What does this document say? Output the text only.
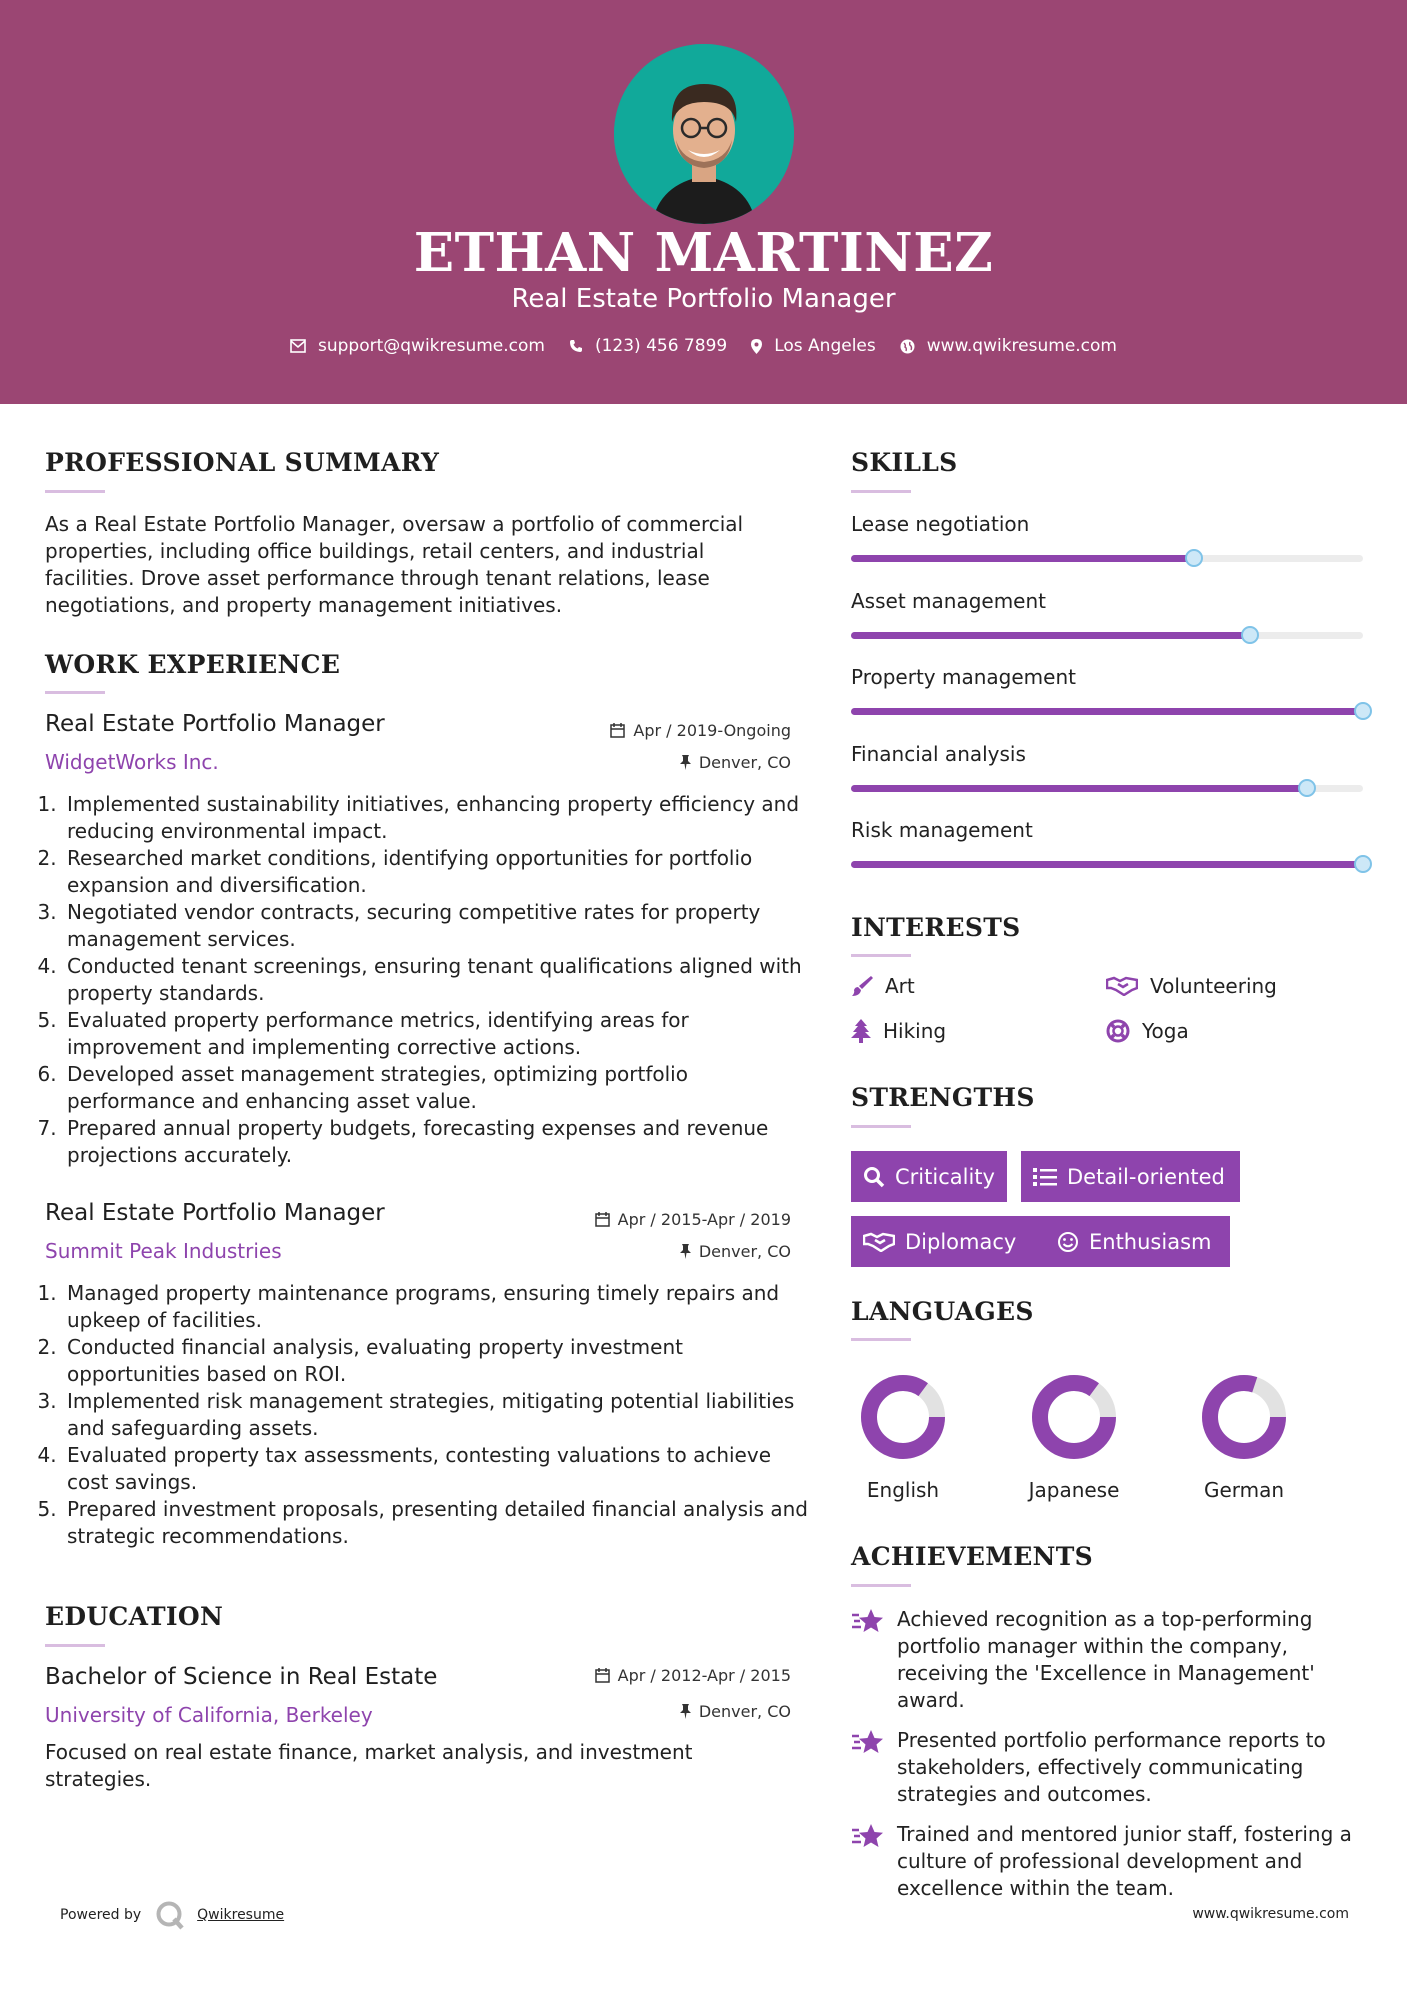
ETHAN MARTINEZ
Real Estate Portfolio Manager
support@qwikresume.com	(123) 456 7899	Los Angeles	www.qwikresume.com
PROFESSIONAL SUMMARY
As a Real Estate Portfolio Manager, oversaw a portfolio of commercial properties, including office buildings, retail centers, and industrial facilities. Drove asset performance through tenant relations, lease negotiations, and property management initiatives.
WORK EXPERIENCE
Real Estate Portfolio Manager	Apr / 2019-Ongoing
WidgetWorks Inc.	Denver, CO
1. Implemented sustainability initiatives, enhancing property efficiency and reducing environmental impact.
2. Researched market conditions, identifying opportunities for portfolio expansion and diversification.
3. Negotiated vendor contracts, securing competitive rates for property management services.
4. Conducted tenant screenings, ensuring tenant qualifications aligned with property standards.
5. Evaluated property performance metrics, identifying areas for improvement and implementing corrective actions.
6. Developed asset management strategies, optimizing portfolio performance and enhancing asset value.
7. Prepared annual property budgets, forecasting expenses and revenue projections accurately.
Real Estate Portfolio Manager	Apr / 2015-Apr / 2019
Summit Peak Industries	Denver, CO
1. Managed property maintenance programs, ensuring timely repairs and upkeep of facilities.
2. Conducted financial analysis, evaluating property investment opportunities based on ROI.
3. Implemented risk management strategies, mitigating potential liabilities and safeguarding assets.
4. Evaluated property tax assessments, contesting valuations to achieve cost savings.
5. Prepared investment proposals, presenting detailed financial analysis and strategic recommendations.
EDUCATION
Bachelor of Science in Real Estate	Apr / 2012-Apr / 2015
University of California, Berkeley	Denver, CO
Focused on real estate finance, market analysis, and investment strategies.
SKILLS
Lease negotiation
Asset management
Property management
Financial analysis
Risk management
INTERESTS
Art	Volunteering
Hiking	Yoga
STRENGTHS
Criticality	Detail-oriented
Diplomacy	Enthusiasm
LANGUAGES
English	Japanese	German
ACHIEVEMENTS
Achieved recognition as a top-performing portfolio manager within the company, receiving the 'Excellence in Management' award.
Presented portfolio performance reports to stakeholders, effectively communicating strategies and outcomes.
Trained and mentored junior staff, fostering a culture of professional development and excellence within the team.
Powered by	Qwikresume	www.qwikresume.com
